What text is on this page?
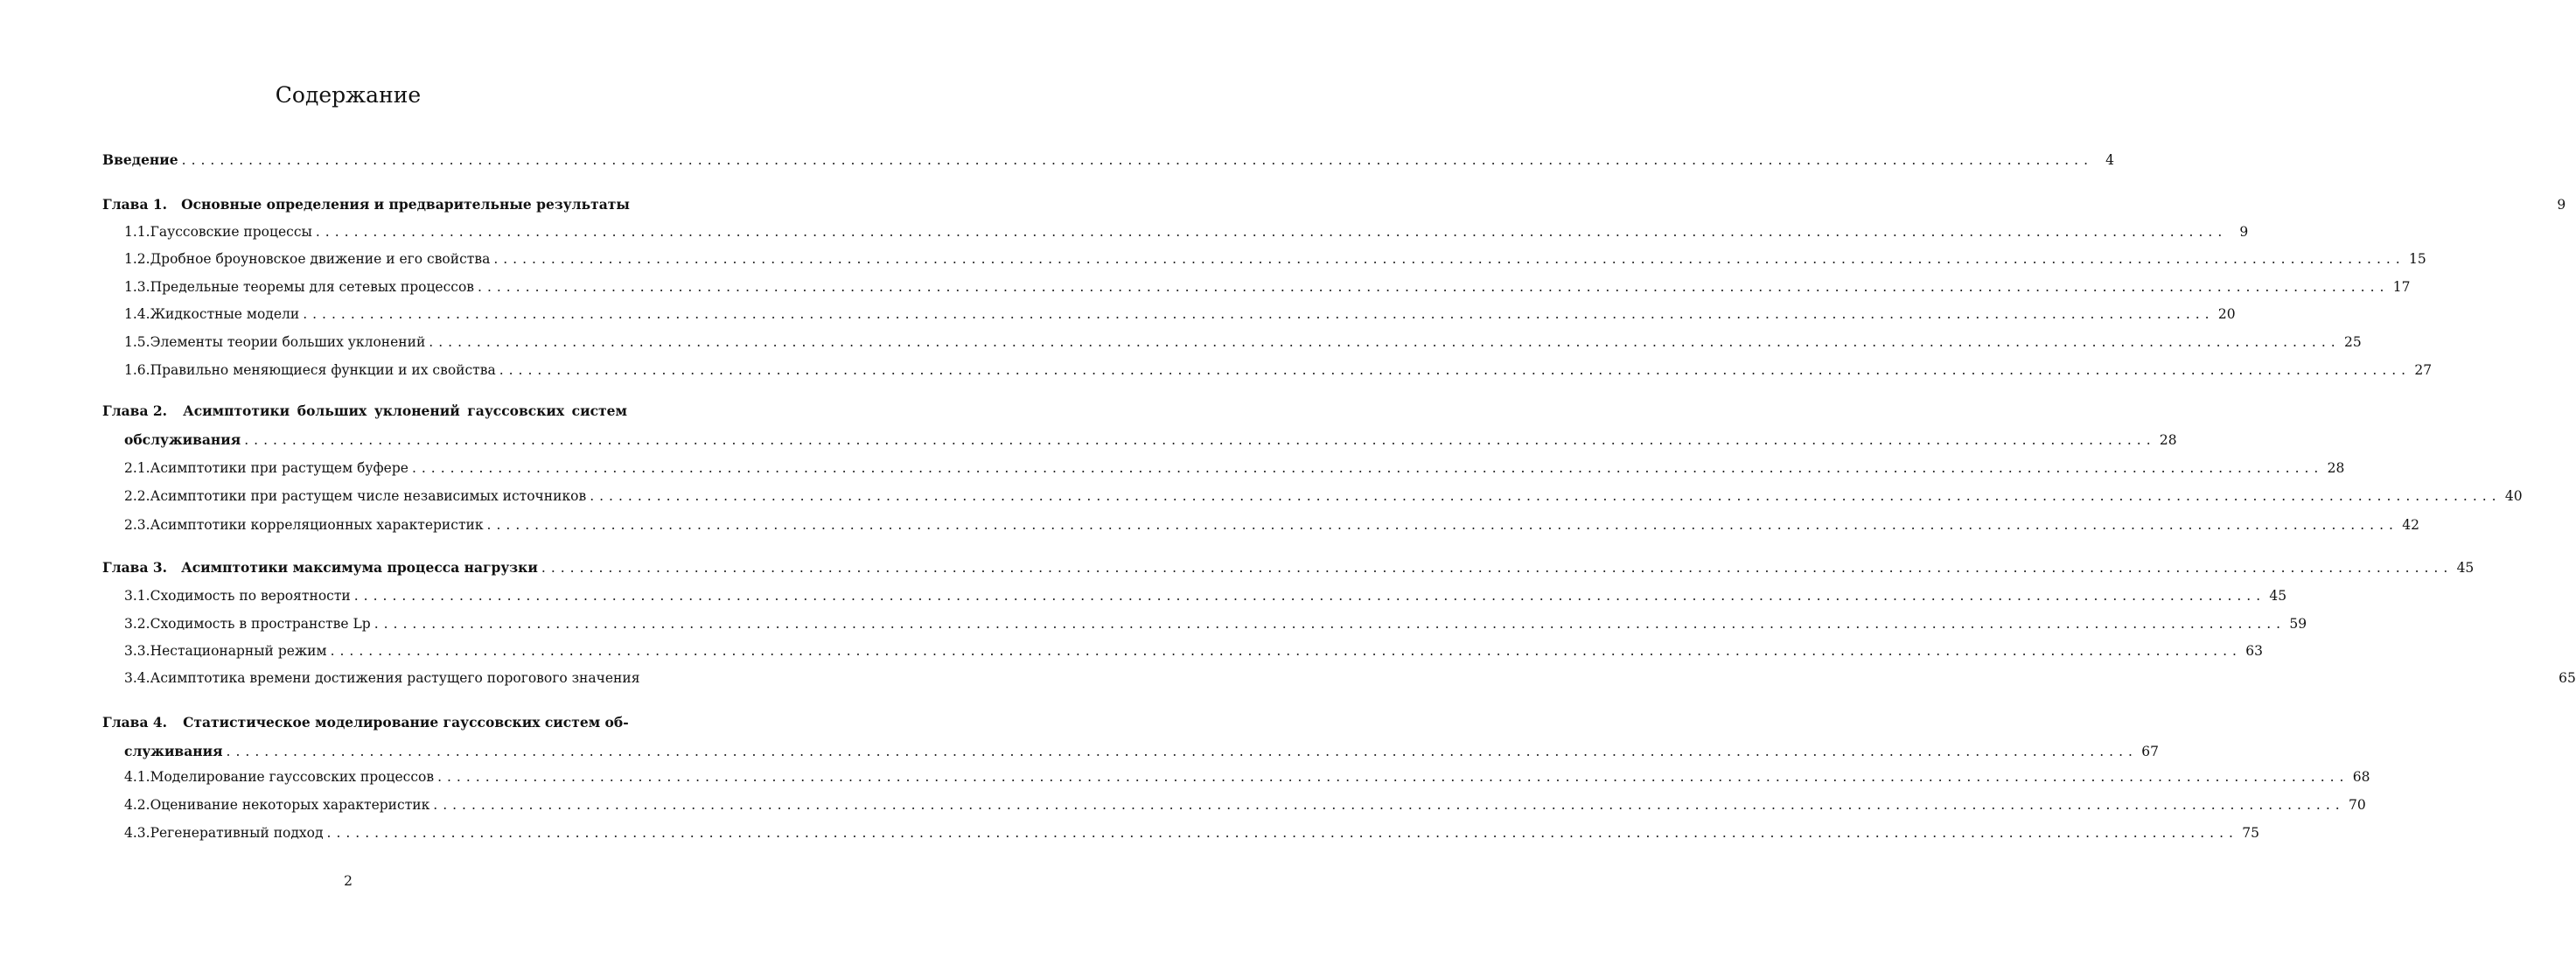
Содержание
Введение ........................................................................................................................................................................................................ 4
Глава 1. Основные определения и предварительные результаты	9
1.1. Гауссовские процессы ........................................................................................................................................................................................................ 9
1.2. Дробное броуновское движение и его свойства ........................................................................................................................................................................................................ 15
1.3. Предельные теоремы для сетевых процессов ........................................................................................................................................................................................................ 17
1.4. Жидкостные модели ........................................................................................................................................................................................................ 20
1.5. Элементы теории больших уклонений ........................................................................................................................................................................................................ 25
1.6. Правильно меняющиеся функции и их свойства ........................................................................................................................................................................................................ 27
Глава 2. Асимптотики больших уклонений гауссовских систем
обслуживания ........................................................................................................................................................................................................ 28
2.1. Асимптотики при растущем буфере ........................................................................................................................................................................................................ 28
2.2. Асимптотики при растущем числе независимых источников ........................................................................................................................................................................................................ 40
2.3. Асимптотики корреляционных характеристик ........................................................................................................................................................................................................ 42
Глава 3. Асимптотики максимума процесса нагрузки ........................................................................................................................................................................................................ 45
3.1. Сходимость по вероятности ........................................................................................................................................................................................................ 45
3.2. Сходимость в пространстве Lp ........................................................................................................................................................................................................ 59
3.3. Нестационарный режим ........................................................................................................................................................................................................ 63
3.4. Асимптотика времени достижения растущего порогового значения	65
Глава 4. Статистическое моделирование гауссовских систем об-
служивания ........................................................................................................................................................................................................ 67
4.1. Моделирование гауссовских процессов ........................................................................................................................................................................................................ 68
4.2. Оценивание некоторых характеристик ........................................................................................................................................................................................................ 70
4.3. Регенеративный подход ........................................................................................................................................................................................................ 75
2
